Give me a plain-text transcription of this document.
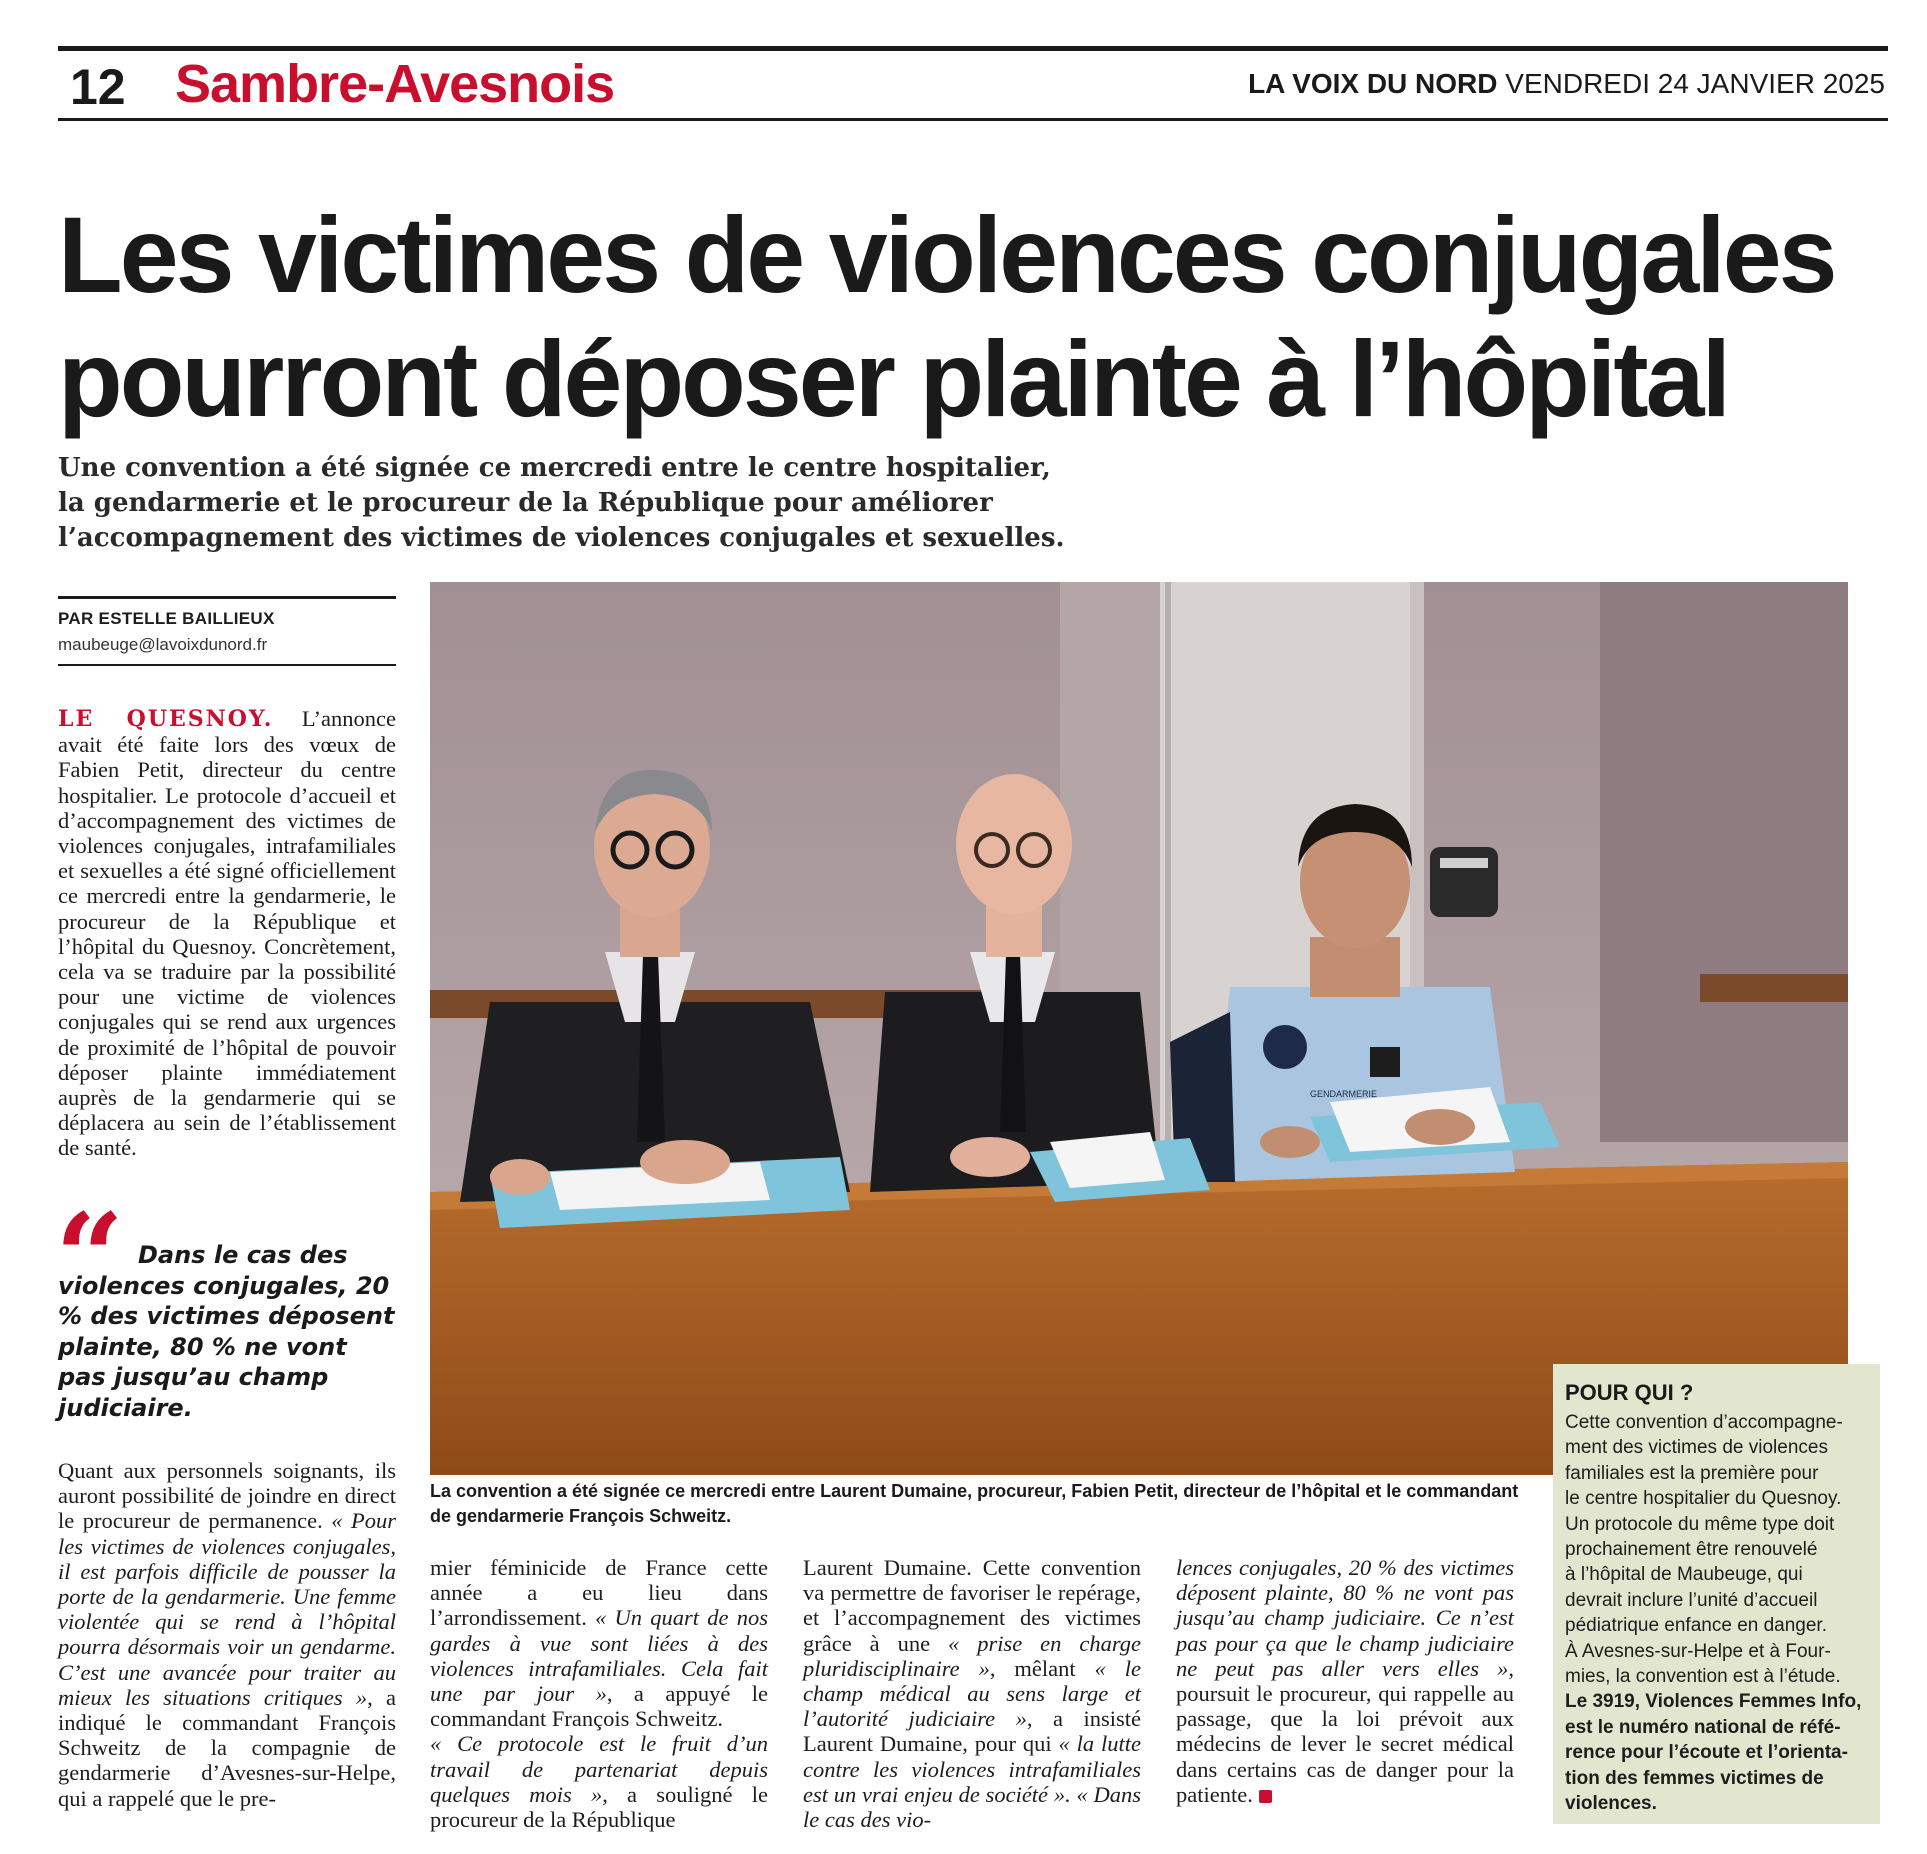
12 Sambre-Avesnois	LA VOIX DU NORD VENDREDI 24 JANVIER 2025
Les victimes de violences conjugales
pourront déposer plainte à l’hôpital

Une convention a été signée ce mercredi entre le centre hospitalier,
la gendarmerie et le procureur de la République pour améliorer
l’accompagnement des victimes de violences conjugales et sexuelles.

PAR ESTELLE BAILLIEUX
maubeuge@lavoixdunord.fr

LE QUESNOY. L’annonce avait été faite lors des vœux de Fabien Petit, directeur du centre hospitalier. Le protocole d’accueil et d’accompagnement des victimes de violences conjugales, intrafamiliales et sexuelles a été signé officiellement ce mercredi entre la gendarmerie, le procureur de la République et l’hôpital du Quesnoy. Concrètement, cela va se traduire par la possibilité pour une victime de violences conjugales qui se rend aux urgences de proximité de l’hôpital de pouvoir déposer plainte immédiatement auprès de la gendarmerie qui se déplacera au sein de l’établissement de santé.

“ Dans le cas des violences conjugales, 20 % des victimes déposent plainte, 80 % ne vont pas jusqu’au champ judiciaire.

Quant aux personnels soignants, ils auront possibilité de joindre en direct le procureur de permanence. « Pour les victimes de violences conjugales, il est parfois difficile de pousser la porte de la gendarmerie. Une femme violentée qui se rend à l’hôpital pourra désormais voir un gendarme. C’est une avancée pour traiter au mieux les situations critiques », a indiqué le commandant François Schweitz de la compagnie de gendarmerie d’Avesnes-sur-Helpe, qui a rappelé que le pre-

GENDARMERIE

La convention a été signée ce mercredi entre Laurent Dumaine, procureur, Fabien Petit, directeur de l’hôpital et le commandant de gendarmerie François Schweitz.

mier féminicide de France cette année a eu lieu dans l’arrondissement. « Un quart de nos gardes à vue sont liées à des violences intrafamiliales. Cela fait une par jour », a appuyé le commandant François Schweitz.
« Ce protocole est le fruit d’un travail de partenariat depuis quelques mois », a souligné le procureur de la République

Laurent Dumaine. Cette convention va permettre de favoriser le repérage, et l’accompagnement des victimes grâce à une « prise en charge pluridisciplinaire », mêlant « le champ médical au sens large et l’autorité judiciaire », a insisté Laurent Dumaine, pour qui « la lutte contre les violences intrafamiliales est un vrai enjeu de société ». « Dans le cas des vio-

lences conjugales, 20 % des victimes déposent plainte, 80 % ne vont pas jusqu’au champ judiciaire. Ce n’est pas pour ça que le champ judiciaire ne peut pas aller vers elles », poursuit le procureur, qui rappelle au passage, que la loi prévoit aux médecins de lever le secret médical dans certains cas de danger pour la patiente.

POUR QUI ?

Cette convention d’accompagne-
ment des victimes de violences
familiales est la première pour
le centre hospitalier du Quesnoy.
Un protocole du même type doit
prochainement être renouvelé
à l’hôpital de Maubeuge, qui
devrait inclure l’unité d’accueil
pédiatrique enfance en danger.
À Avesnes-sur-Helpe et à Four-
mies, la convention est à l’étude.
Le 3919, Violences Femmes Info,
est le numéro national de réfé-
rence pour l’écoute et l’orienta-
tion des femmes victimes de
violences.
